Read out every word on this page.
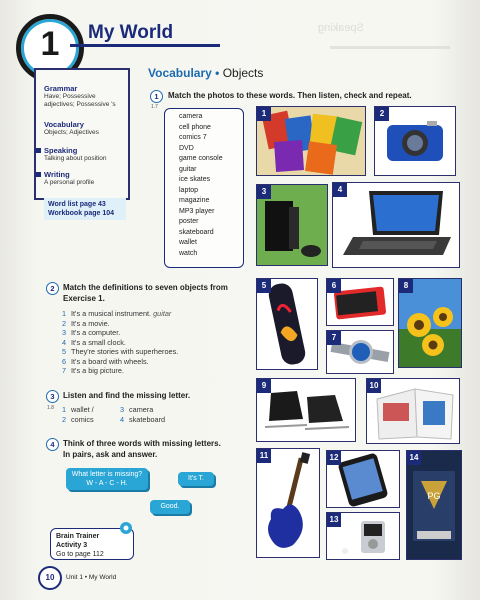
Speaking
1	My World
Grammar
Have; Possessive adjectives; Possessive 's
Vocabulary
Objects; Adjectives
Speaking
Talking about position
Writing
A personal profile
Word list page 43
Workbook page 104
Vocabulary • Objects
1
1.7
Match the photos to these words. Then listen, check and repeat.
camera
cell phone
comics 7
DVD
game console
guitar
ice skates
laptop
magazine
MP3 player
poster
skateboard
wallet
watch
1	2
3	4
5	6	8
7
9	10
11	12
13
14
PG
2	Match the definitions to seven objects from
Exercise 1.
1 It's a musical instrument. guitar
2 It's a movie.
3 It's a computer.
4 It's a small clock.
5 They're stories with superheroes.
6 It's a board with wheels.
7 It's a big picture.
3	Listen and find the missing letter.
1.8 1 wallet /
2 comics
3 camera
4 skateboard
4	Think of three words with missing letters.
In pairs, ask and answer.
What letter is missing?
W - A - C - H.
It's T.
Good.
Brain Trainer
Activity 3
Go to page 112
10	Unit 1 • My World
